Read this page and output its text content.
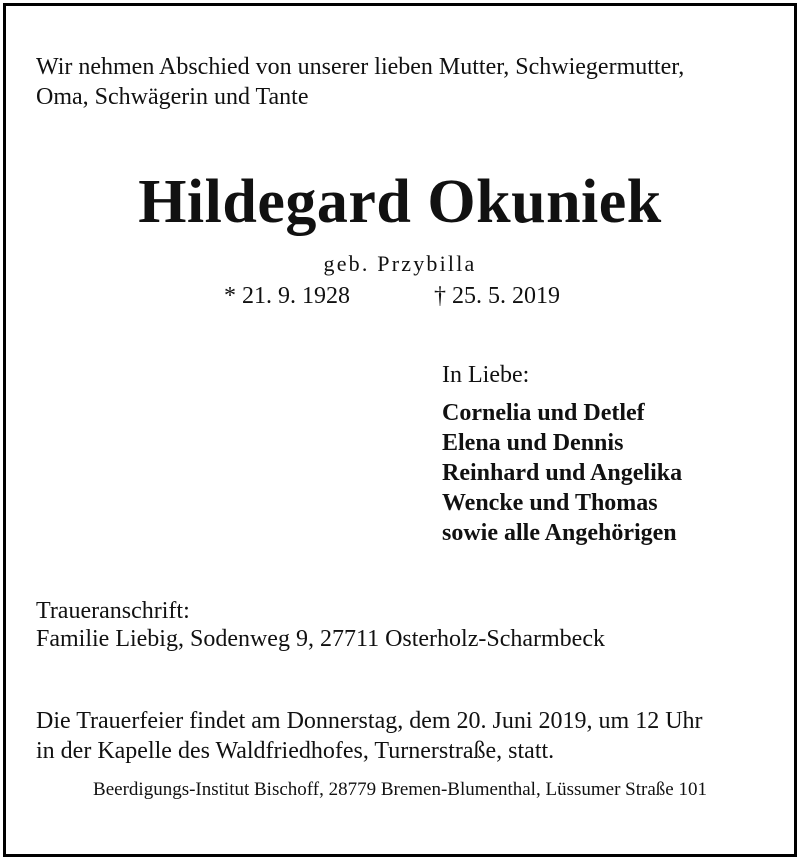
Wir nehmen Abschied von unserer lieben Mutter, Schwiegermutter,
Oma, Schwägerin und Tante
Hildegard Okuniek
geb. Przybilla
* 21. 9. 1928	† 25. 5. 2019
In Liebe:
Cornelia und Detlef
Elena und Dennis
Reinhard und Angelika
Wencke und Thomas
sowie alle Angehörigen
Traueranschrift:
Familie Liebig, Sodenweg 9, 27711 Osterholz-Scharmbeck
Die Trauerfeier findet am Donnerstag, dem 20. Juni 2019, um 12 Uhr
in der Kapelle des Waldfriedhofes, Turnerstraße, statt.
Beerdigungs-Institut Bischoff, 28779 Bremen-Blumenthal, Lüssumer Straße 101
